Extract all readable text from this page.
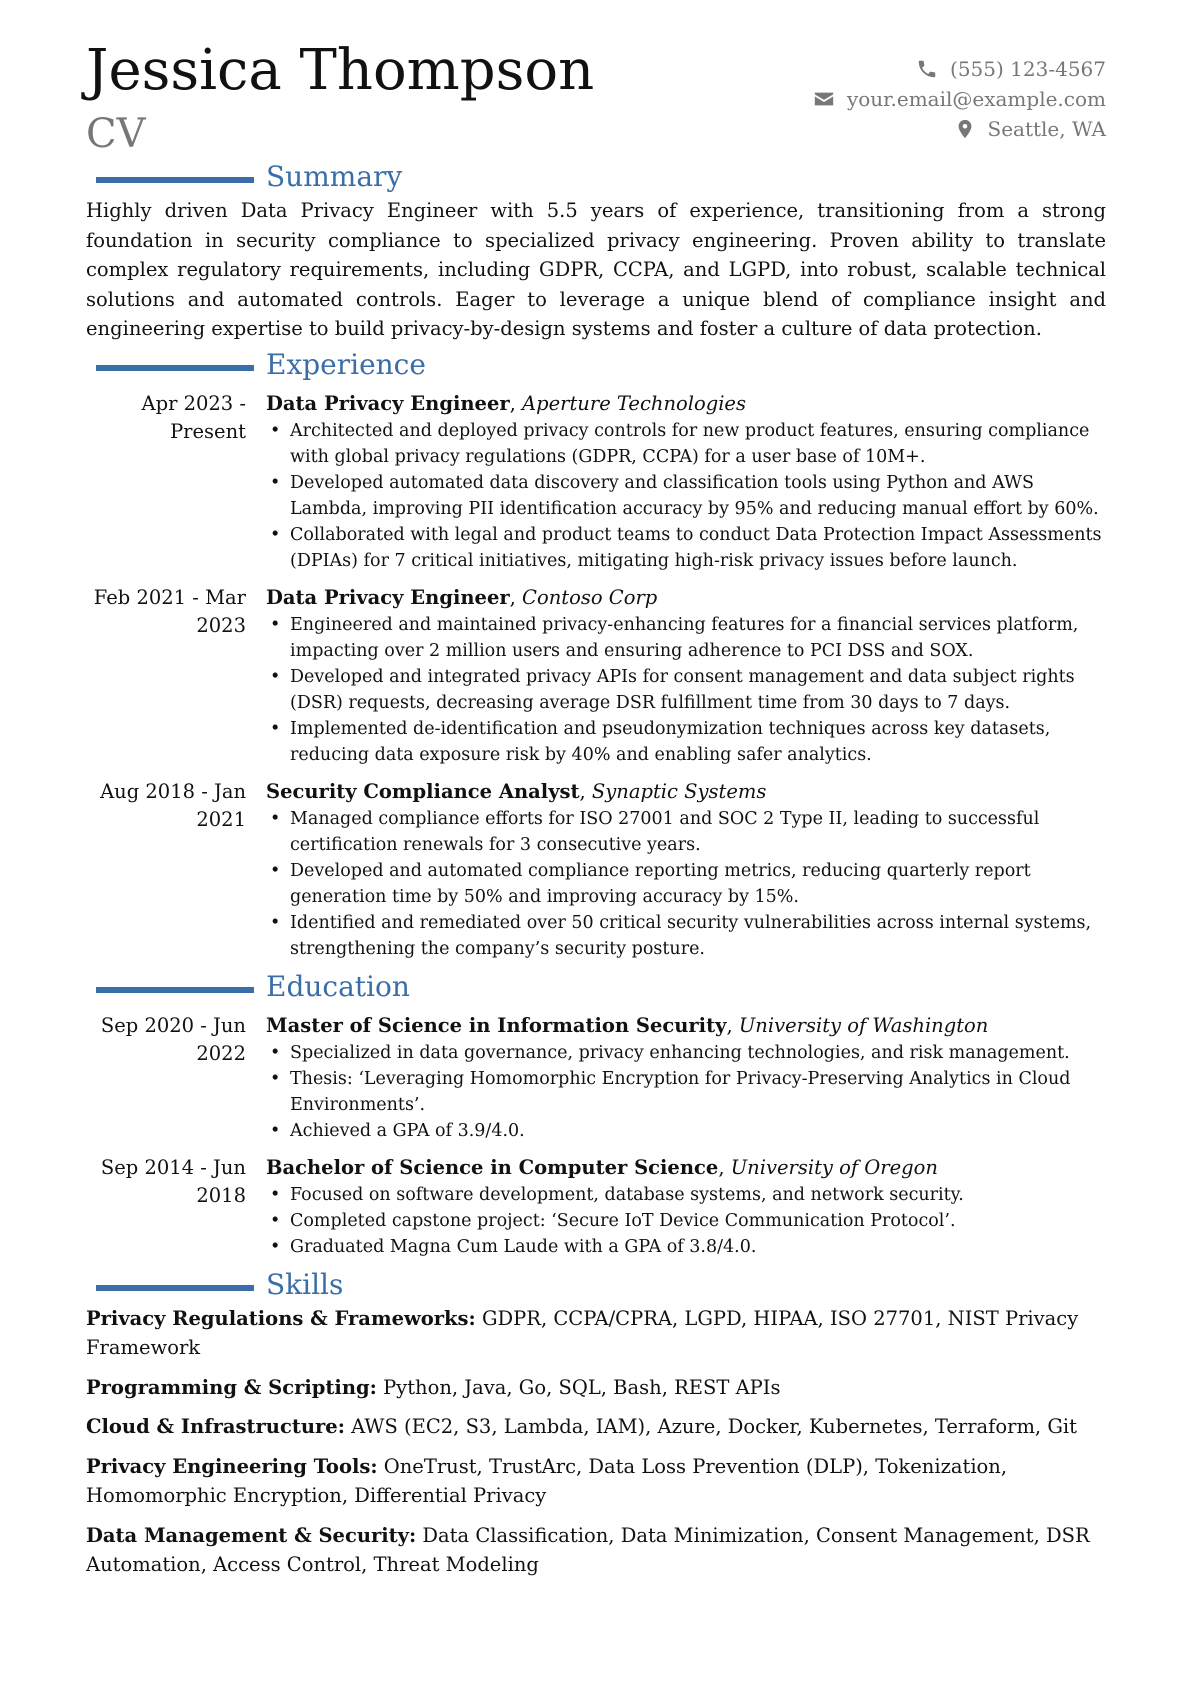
Jessica Thompson
CV
(555) 123-4567
your.email@example.com
Seattle, WA
Summary

Highly driven Data Privacy Engineer with 5.5 years of experience, transitioning from a strong foundation in security compliance to specialized privacy engineering. Proven ability to translate complex regulatory requirements, including GDPR, CCPA, and LGPD, into robust, scalable technical solutions and automated controls. Eager to leverage a unique blend of compliance insight and engineering expertise to build privacy-by-design systems and foster a culture of data protection.

Experience
Apr 2023 - Present
Data Privacy Engineer, Aperture Technologies
• Architected and deployed privacy controls for new product features, ensuring compliance with global privacy regulations (GDPR, CCPA) for a user base of 10M+.
• Developed automated data discovery and classification tools using Python and AWS Lambda, improving PII identification accuracy by 95% and reducing manual effort by 60%.
• Collaborated with legal and product teams to conduct Data Protection Impact Assessments (DPIAs) for 7 critical initiatives, mitigating high-risk privacy issues before launch.
Feb 2021 - Mar 2023
Data Privacy Engineer, Contoso Corp
• Engineered and maintained privacy-enhancing features for a financial services platform, impacting over 2 million users and ensuring adherence to PCI DSS and SOX.
• Developed and integrated privacy APIs for consent management and data subject rights (DSR) requests, decreasing average DSR fulfillment time from 30 days to 7 days.
• Implemented de-identification and pseudonymization techniques across key datasets, reducing data exposure risk by 40% and enabling safer analytics.
Aug 2018 - Jan 2021
Security Compliance Analyst, Synaptic Systems
• Managed compliance efforts for ISO 27001 and SOC 2 Type II, leading to successful certification renewals for 3 consecutive years.
• Developed and automated compliance reporting metrics, reducing quarterly report generation time by 50% and improving accuracy by 15%.
• Identified and remediated over 50 critical security vulnerabilities across internal systems, strengthening the company’s security posture.
Education
Sep 2020 - Jun 2022
Master of Science in Information Security, University of Washington
• Specialized in data governance, privacy enhancing technologies, and risk management.
• Thesis: ‘Leveraging Homomorphic Encryption for Privacy-Preserving Analytics in Cloud Environments’.
• Achieved a GPA of 3.9/4.0.
Sep 2014 - Jun 2018
Bachelor of Science in Computer Science, University of Oregon
• Focused on software development, database systems, and network security.
• Completed capstone project: ‘Secure IoT Device Communication Protocol’.
• Graduated Magna Cum Laude with a GPA of 3.8/4.0.
Skills
Privacy Regulations & Frameworks: GDPR, CCPA/CPRA, LGPD, HIPAA, ISO 27701, NIST Privacy Framework
Programming & Scripting: Python, Java, Go, SQL, Bash, REST APIs
Cloud & Infrastructure: AWS (EC2, S3, Lambda, IAM), Azure, Docker, Kubernetes, Terraform, Git
Privacy Engineering Tools: OneTrust, TrustArc, Data Loss Prevention (DLP), Tokenization, Homomorphic Encryption, Differential Privacy
Data Management & Security: Data Classification, Data Minimization, Consent Management, DSR Automation, Access Control, Threat Modeling
